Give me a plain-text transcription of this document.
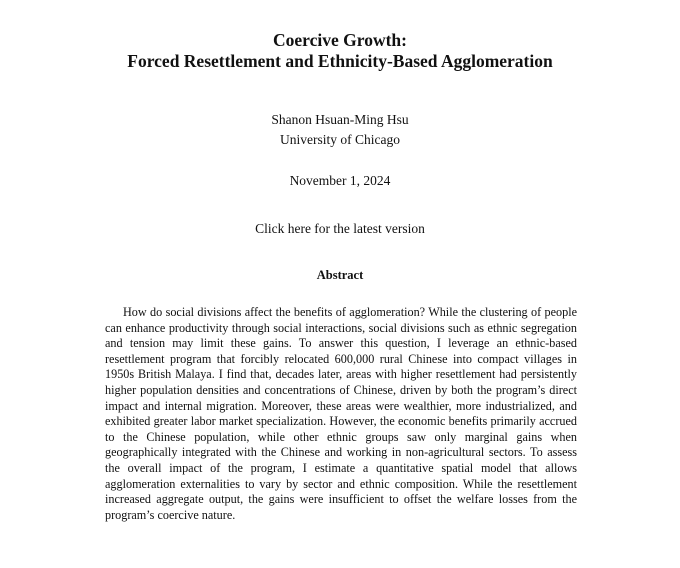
Coercive Growth:

Forced Resettlement and Ethnicity-Based Agglomeration

Shanon Hsuan-Ming Hsu
University of Chicago
November 1, 2024
Click here for the latest version
Abstract

How do social divisions affect the benefits of agglomeration? While the clustering of people can enhance productivity through social interactions, social divisions such as ethnic segregation and tension may limit these gains. To answer this question, I leverage an ethnic-based resettlement program that forcibly relocated 600,000 rural Chinese into compact villages in 1950s British Malaya. I find that, decades later, areas with higher resettlement had persistently higher population densities and concentrations of Chinese, driven by both the program’s direct impact and internal migration. Moreover, these areas were wealthier, more industrialized, and exhibited greater labor market specialization. However, the economic benefits primarily accrued to the Chinese population, while other ethnic groups saw only marginal gains when geographically integrated with the Chinese and working in non-agricultural sectors. To assess the overall impact of the program, I estimate a quantitative spatial model that allows agglomeration externalities to vary by sector and ethnic composition. While the resettlement increased aggregate output, the gains were insufficient to offset the welfare losses from the program’s coercive nature.
